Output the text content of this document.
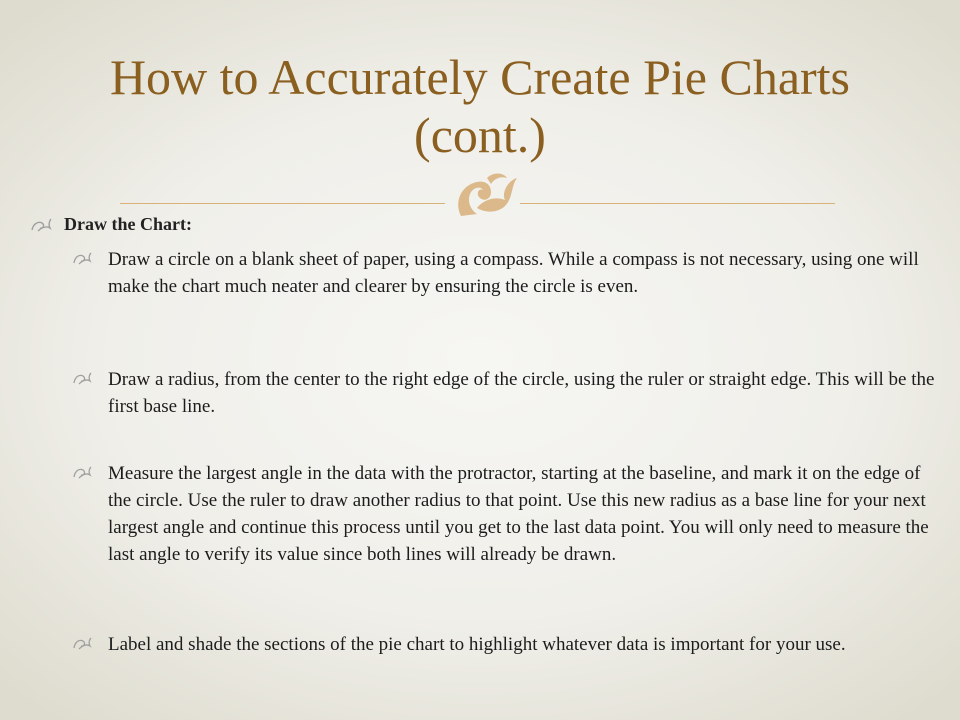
How to Accurately Create Pie Charts (cont.)
Draw the Chart:
Draw a circle on a blank sheet of paper, using a compass. While a compass is not necessary, using one will make the chart much neater and clearer by ensuring the circle is even.
Draw a radius, from the center to the right edge of the circle, using the ruler or straight edge. This will be the first base line.
Measure the largest angle in the data with the protractor, starting at the baseline, and mark it on the edge of the circle. Use the ruler to draw another radius to that point. Use this new radius as a base line for your next largest angle and continue this process until you get to the last data point. You will only need to measure the last angle to verify its value since both lines will already be drawn.
Label and shade the sections of the pie chart to highlight whatever data is important for your use.
